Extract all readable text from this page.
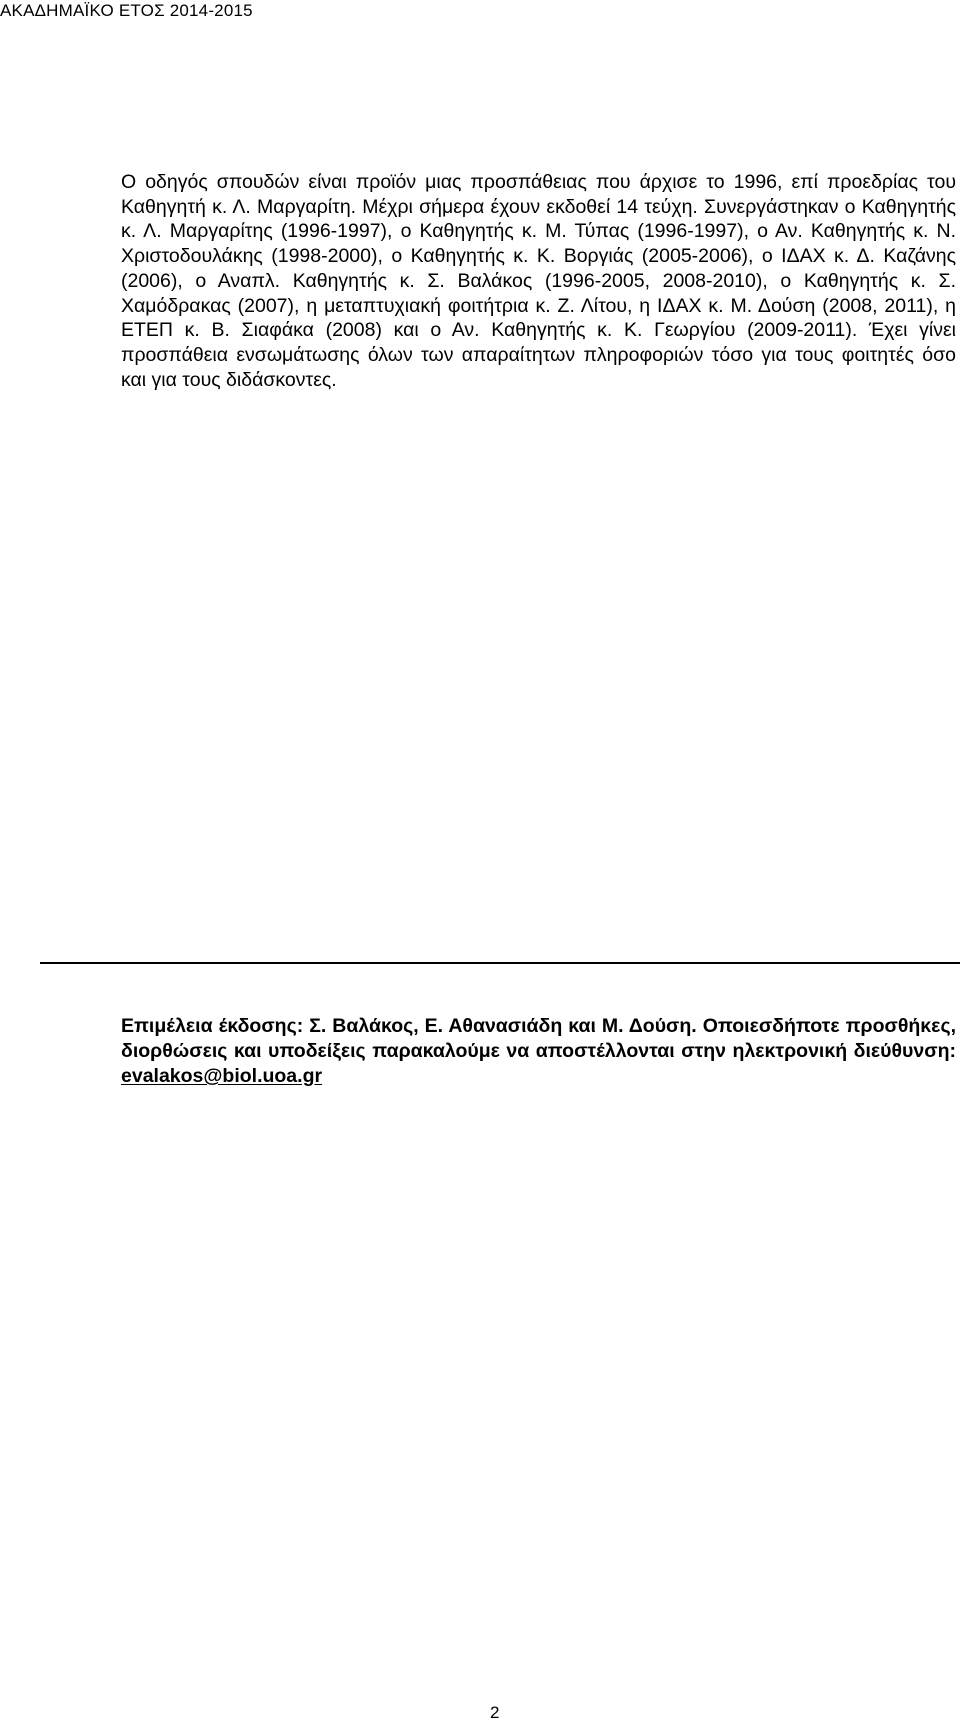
ΑΚΑΔΗΜΑΪΚΟ ΕΤΟΣ 2014-2015

Ο οδηγός σπουδών είναι προϊόν μιας προσπάθειας που άρχισε το 1996, επί προεδρίας του Καθηγητή κ. Λ. Μαργαρίτη. Μέχρι σήμερα έχουν εκδοθεί 14 τεύχη. Συνεργάστηκαν ο Καθηγητής κ. Λ. Μαργαρίτης (1996-1997), ο Καθηγητής κ. Μ. Τύπας (1996-1997), ο Αν. Καθηγητής κ. Ν. Χριστοδουλάκης (1998-2000), ο Καθηγητής κ. Κ. Βοργιάς (2005-2006), ο ΙΔΑΧ κ. Δ. Καζάνης (2006), ο Αναπλ. Καθηγητής κ. Σ. Βαλάκος (1996-2005, 2008-2010), ο Καθηγητής κ. Σ. Χαμόδρακας (2007), η μεταπτυχιακή φοιτήτρια κ. Ζ. Λίτου, η ΙΔΑΧ κ. Μ. Δούση (2008, 2011), η ΕΤΕΠ κ. Β. Σιαφάκα (2008) και ο Αν. Καθηγητής κ. Κ. Γεωργίου (2009-2011). Έχει γίνει προσπάθεια ενσωμάτωσης όλων των απαραίτητων πληροφοριών τόσο για τους φοιτητές όσο και για τους διδάσκοντες.

Επιμέλεια έκδοσης: Σ. Βαλάκος, Ε. Αθανασιάδη και Μ. Δούση. Οποιεσδήποτε προσθήκες, διορθώσεις και υποδείξεις παρακαλούμε να αποστέλλονται στην ηλεκτρονική διεύθυνση: evalakos@biol.uoa.gr

2
